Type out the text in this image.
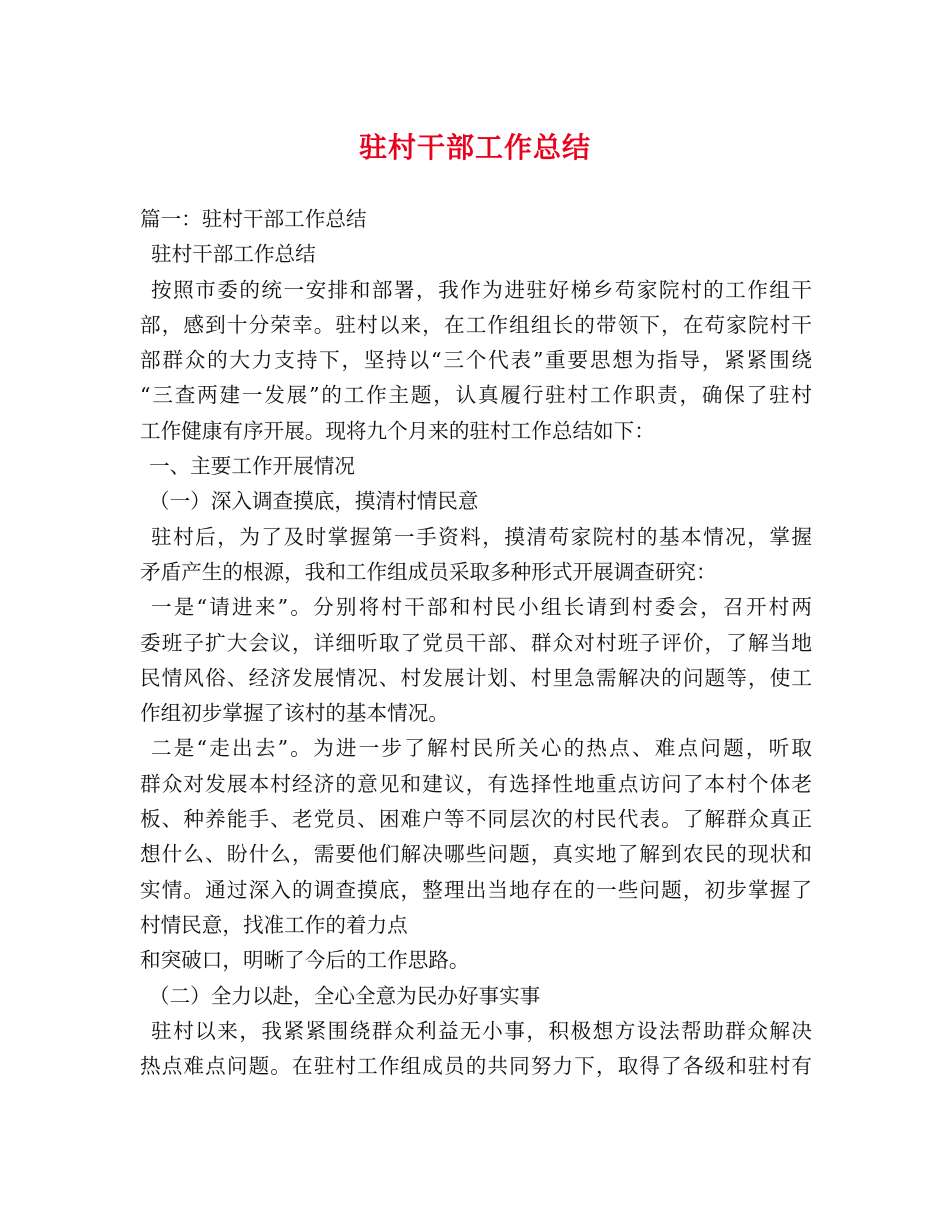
驻村干部工作总结
篇一：驻村干部工作总结
驻村干部工作总结
按照市委的统一安排和部署，我作为进驻好梯乡苟家院村的工作组干
部，感到十分荣幸。驻村以来，在工作组组长的带领下，在苟家院村干
部群众的大力支持下，坚持以“三个代表”重要思想为指导，紧紧围绕
“三查两建一发展”的工作主题，认真履行驻村工作职责，确保了驻村
工作健康有序开展。现将九个月来的驻村工作总结如下：
一、主要工作开展情况
（一）深入调查摸底，摸清村情民意
驻村后，为了及时掌握第一手资料，摸清苟家院村的基本情况，掌握
矛盾产生的根源，我和工作组成员采取多种形式开展调查研究：
一是“请进来”。分别将村干部和村民小组长请到村委会，召开村两
委班子扩大会议，详细听取了党员干部、群众对村班子评价，了解当地
民情风俗、经济发展情况、村发展计划、村里急需解决的问题等，使工
作组初步掌握了该村的基本情况。
二是“走出去”。为进一步了解村民所关心的热点、难点问题，听取
群众对发展本村经济的意见和建议，有选择性地重点访问了本村个体老
板、种养能手、老党员、困难户等不同层次的村民代表。了解群众真正
想什么、盼什么，需要他们解决哪些问题，真实地了解到农民的现状和
实情。通过深入的调查摸底，整理出当地存在的一些问题，初步掌握了
村情民意，找准工作的着力点
和突破口，明晰了今后的工作思路。
（二）全力以赴，全心全意为民办好事实事
驻村以来，我紧紧围绕群众利益无小事，积极想方设法帮助群众解决
热点难点问题。在驻村工作组成员的共同努力下，取得了各级和驻村有
